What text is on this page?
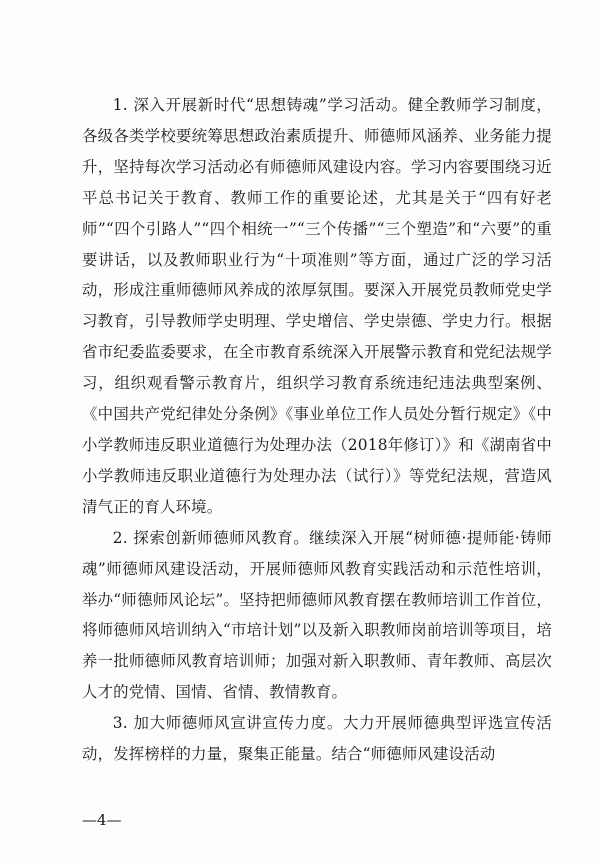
1. 深入开展新时代“思想铸魂”学习活动。健全教师学习制度，各级各类学校要统筹思想政治素质提升、师德师风涵养、业务能力提升，坚持每次学习活动必有师德师风建设内容。学习内容要围绕习近平总书记关于教育、教师工作的重要论述，尤其是关于“四有好老师”“四个引路人”“四个相统一”“三个传播”“三个塑造”和“六要”的重要讲话，以及教师职业行为“十项准则”等方面，通过广泛的学习活动，形成注重师德师风养成的浓厚氛围。要深入开展党员教师党史学习教育，引导教师学史明理、学史增信、学史崇德、学史力行。根据省市纪委监委要求，在全市教育系统深入开展警示教育和党纪法规学习，组织观看警示教育片，组织学习教育系统违纪违法典型案例、《中国共产党纪律处分条例》《事业单位工作人员处分暂行规定》《中小学教师违反职业道德行为处理办法（2018年修订）》和《湖南省中小学教师违反职业道德行为处理办法（试行）》等党纪法规，营造风清气正的育人环境。

2. 探索创新师德师风教育。继续深入开展“树师德·提师能·铸师魂”师德师风建设活动，开展师德师风教育实践活动和示范性培训，举办“师德师风论坛”。坚持把师德师风教育摆在教师培训工作首位，将师德师风培训纳入“市培计划”以及新入职教师岗前培训等项目，培养一批师德师风教育培训师；加强对新入职教师、青年教师、高层次人才的党情、国情、省情、教情教育。

3. 加大师德师风宣讲宣传力度。大力开展师德典型评选宣传活动，发挥榜样的力量，聚集正能量。结合“师德师风建设活动

—4—
